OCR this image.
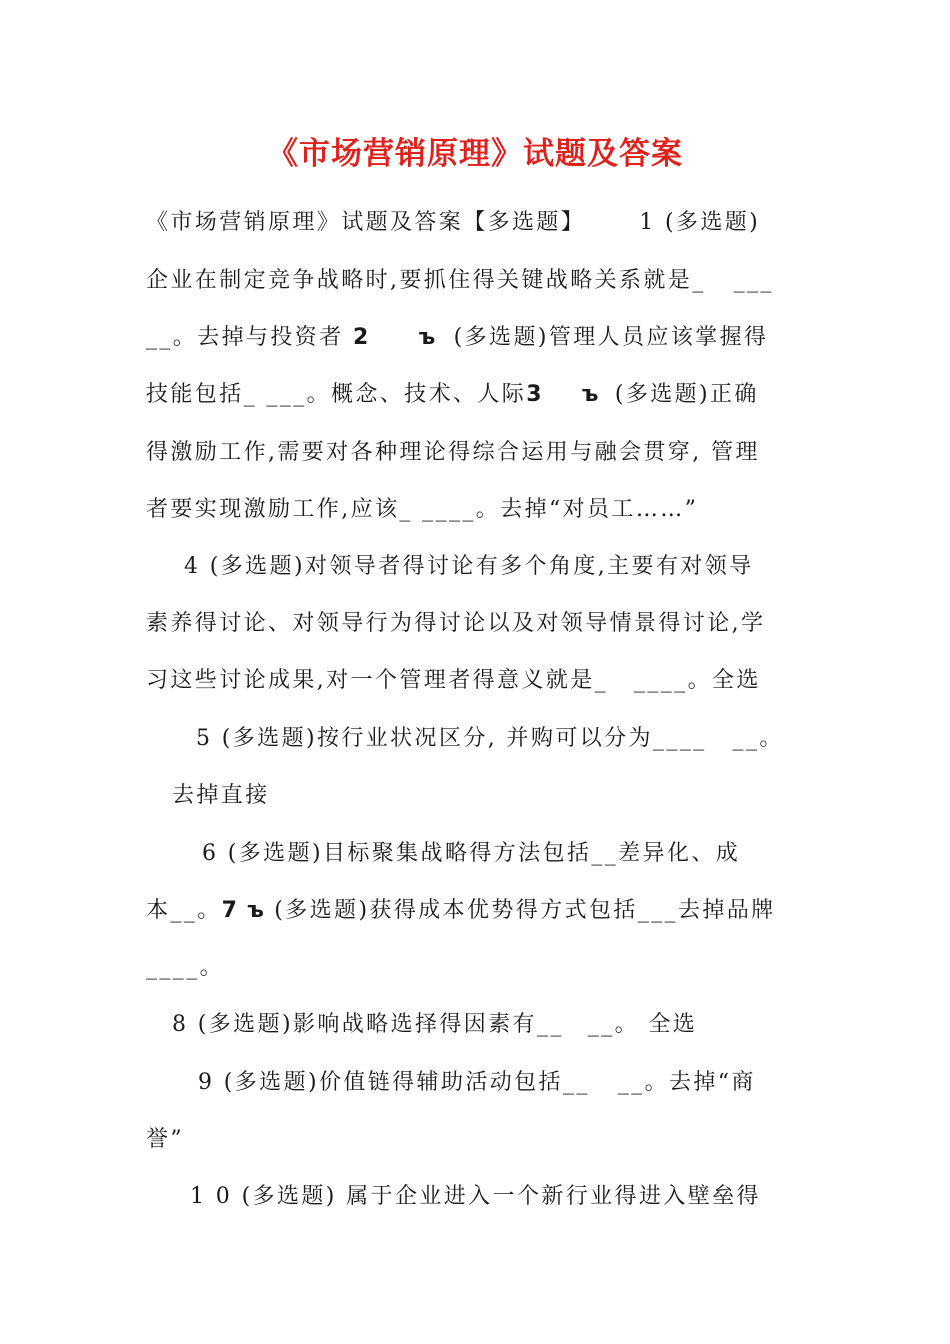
《市场营销原理》试题及答案
《市场营销原理》试题及答案【多选题】 1 (多选题)
企业在制定竞争战略时,要抓住得关键战略关系就是_ ___
__。去掉与投资者 2 ъ (多选题)管理人员应该掌握得
技能包括_ ___。概念、技术、人际3 ъ (多选题)正确
得激励工作,需要对各种理论得综合运用与融会贯穿, 管理
者要实现激励工作,应该_ ____。去掉“对员工……”
4 (多选题)对领导者得讨论有多个角度,主要有对领导
素养得讨论、对领导行为得讨论以及对领导情景得讨论,学
习这些讨论成果,对一个管理者得意义就是_ ____。全选
5 (多选题)按行业状况区分, 并购可以分为____ __。
去掉直接
6 (多选题)目标聚集战略得方法包括__差异化、成
本__。7 ъ (多选题)获得成本优势得方式包括___去掉品牌
____。
8 (多选题)影响战略选择得因素有__ __。 全选
9 (多选题)价值链得辅助活动包括__ __。去掉“商
誉”
1 0 (多选题) 属于企业进入一个新行业得进入壁垒得
